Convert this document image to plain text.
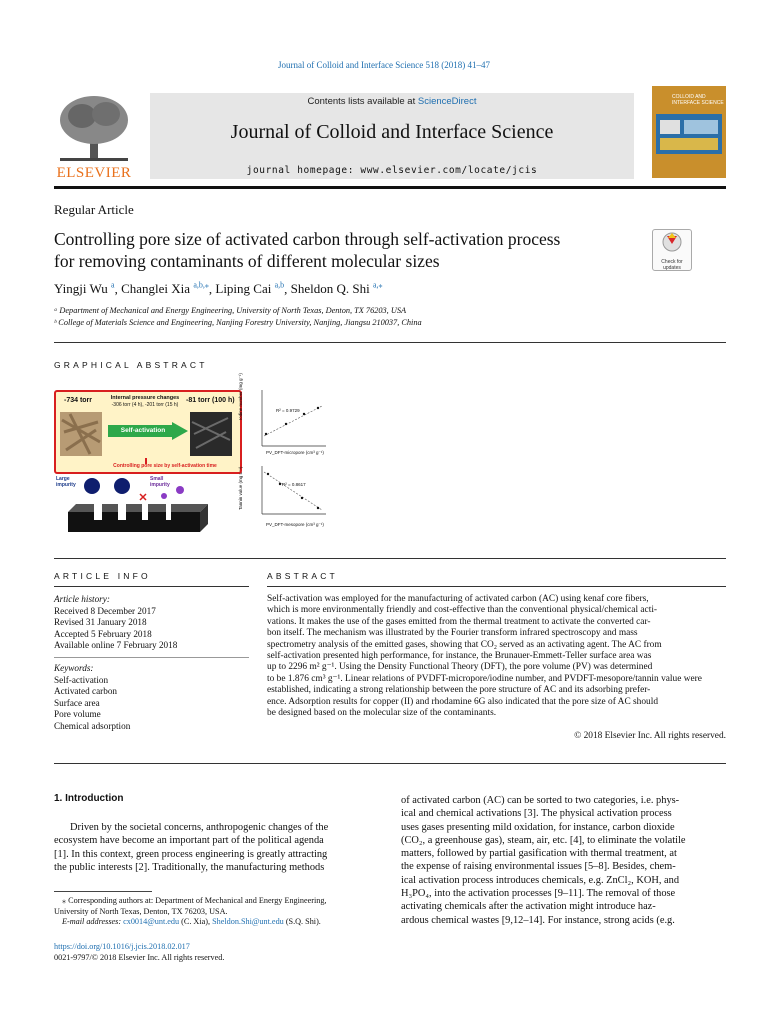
Journal of Colloid and Interface Science 518 (2018) 41–47
ELSEVIER
Contents lists available at ScienceDirect
Journal of Colloid and Interface Science
journal homepage: www.elsevier.com/locate/jcis
COLLOID AND INTERFACE SCIENCE
Regular Article
Controlling pore size of activated carbon through self-activation process
for removing contaminants of different molecular sizes	Check for updates
Yingji Wu $^a$, Changlei Xia $^{a,b,⁎}$, Liping Cai $^{a,b}$, Sheldon Q. Shi $^{a,⁎}$
ᵃ Department of Mechanical and Energy Engineering, University of North Texas, Denton, TX 76203, USA
ᵇ College of Materials Science and Engineering, Nanjing Forestry University, Nanjing, Jiangsu 210037, China
GRAPHICAL ABSTRACT
-734 torr	Internal pressure changes
-306 torr (4 h), -201 torr (15 h)
-81 torr (100 h)
Self-activation
Controlling pore size by self-activation time
Large impurity
Small impurity
R² = 0.9729
PV_DFT-micropore (cm³ g⁻¹)
Iodine number (mg g⁻¹)
R² = 0.8617
PV_DFT-mesopore (cm³ g⁻¹)
Tannin value (mg L⁻¹)
ARTICLE INFO
Article history:
Received 8 December 2017
Revised 31 January 2018
Accepted 5 February 2018
Available online 7 February 2018
Keywords:
Self-activation
Activated carbon
Surface area
Pore volume
Chemical adsorption
ABSTRACT
Self-activation was employed for the manufacturing of activated carbon (AC) using kenaf core fibers,
which is more environmentally friendly and cost-effective than the conventional physical/chemical acti-
vations. It makes the use of the gases emitted from the thermal treatment to activate the converted car-
bon itself. The mechanism was illustrated by the Fourier transform infrared spectroscopy and mass
spectrometry analysis of the emitted gases, showing that CO₂ served as an activating agent. The AC from
self-activation presented high performance, for instance, the Brunauer-Emmett-Teller surface area was
up to 2296 m² g⁻¹. Using the Density Functional Theory (DFT), the pore volume (PV) was determined
to be 1.876 cm³ g⁻¹. Linear relations of PVDFT-micropore/iodine number, and PVDFT-mesopore/tannin value were
established, indicating a strong relationship between the pore structure of AC and its adsorbing prefer-
ence. Adsorption results for copper (II) and rhodamine 6G also indicated that the pore size of AC should
be designed based on the molecular size of the contaminants.
© 2018 Elsevier Inc. All rights reserved.
1. Introduction
Driven by the societal concerns, anthropogenic changes of the
ecosystem have become an important part of the political agenda
[1]. In this context, green process engineering is greatly attracting
the public interests [2]. Traditionally, the manufacturing methods
of activated carbon (AC) can be sorted to two categories, i.e. phys-
ical and chemical activations [3]. The physical activation process
uses gases presenting mild oxidation, for instance, carbon dioxide
(CO₂, a greenhouse gas), steam, air, etc. [4], to eliminate the volatile
matters, followed by partial gasification with thermal treatment, at
the expense of raising environmental issues [5–8]. Besides, chem-
ical activation process introduces chemicals, e.g. ZnCl₂, KOH, and
H₃PO₄, into the activation processes [9–11]. The removal of those
activating chemicals after the activation might introduce haz-
ardous chemical wastes [9,12–14]. For instance, strong acids (e.g.
⁎ Corresponding authors at: Department of Mechanical and Energy Engineering,
University of North Texas, Denton, TX 76203, USA.
E-mail addresses: cx0014@unt.edu (C. Xia), Sheldon.Shi@unt.edu (S.Q. Shi).
https://doi.org/10.1016/j.jcis.2018.02.017
0021-9797/© 2018 Elsevier Inc. All rights reserved.
